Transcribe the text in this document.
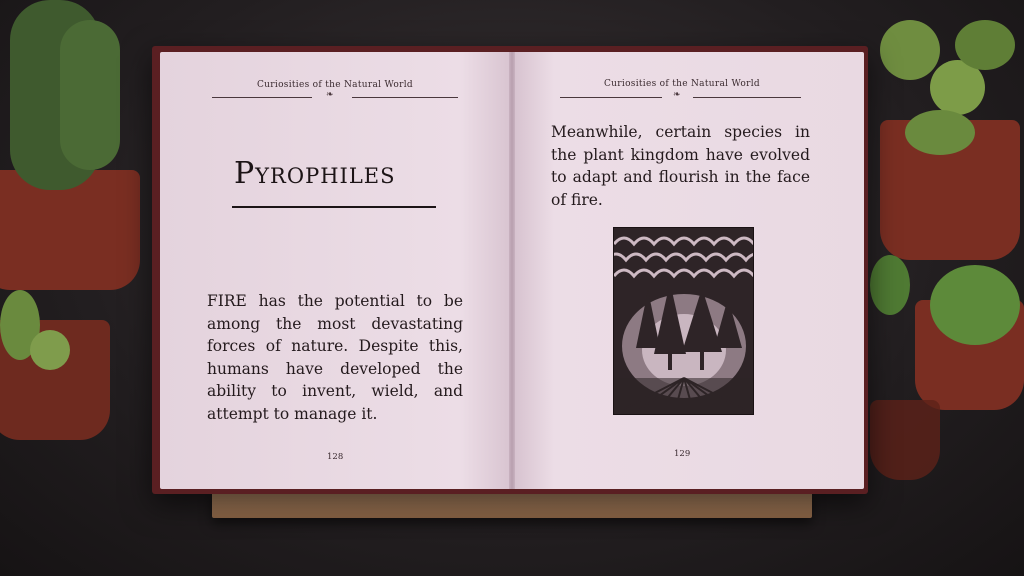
Curiosities of the Natural World
❧
Curiosities of the Natural World
❧
Pyrophiles
FIRE has the potential to be among the most devastating forces of nature. Despite this, humans have developed the ability to invent, wield, and attempt to manage it.
Meanwhile, certain species in the plant kingdom have evolved to adapt and flourish in the face of fire.
128	129
